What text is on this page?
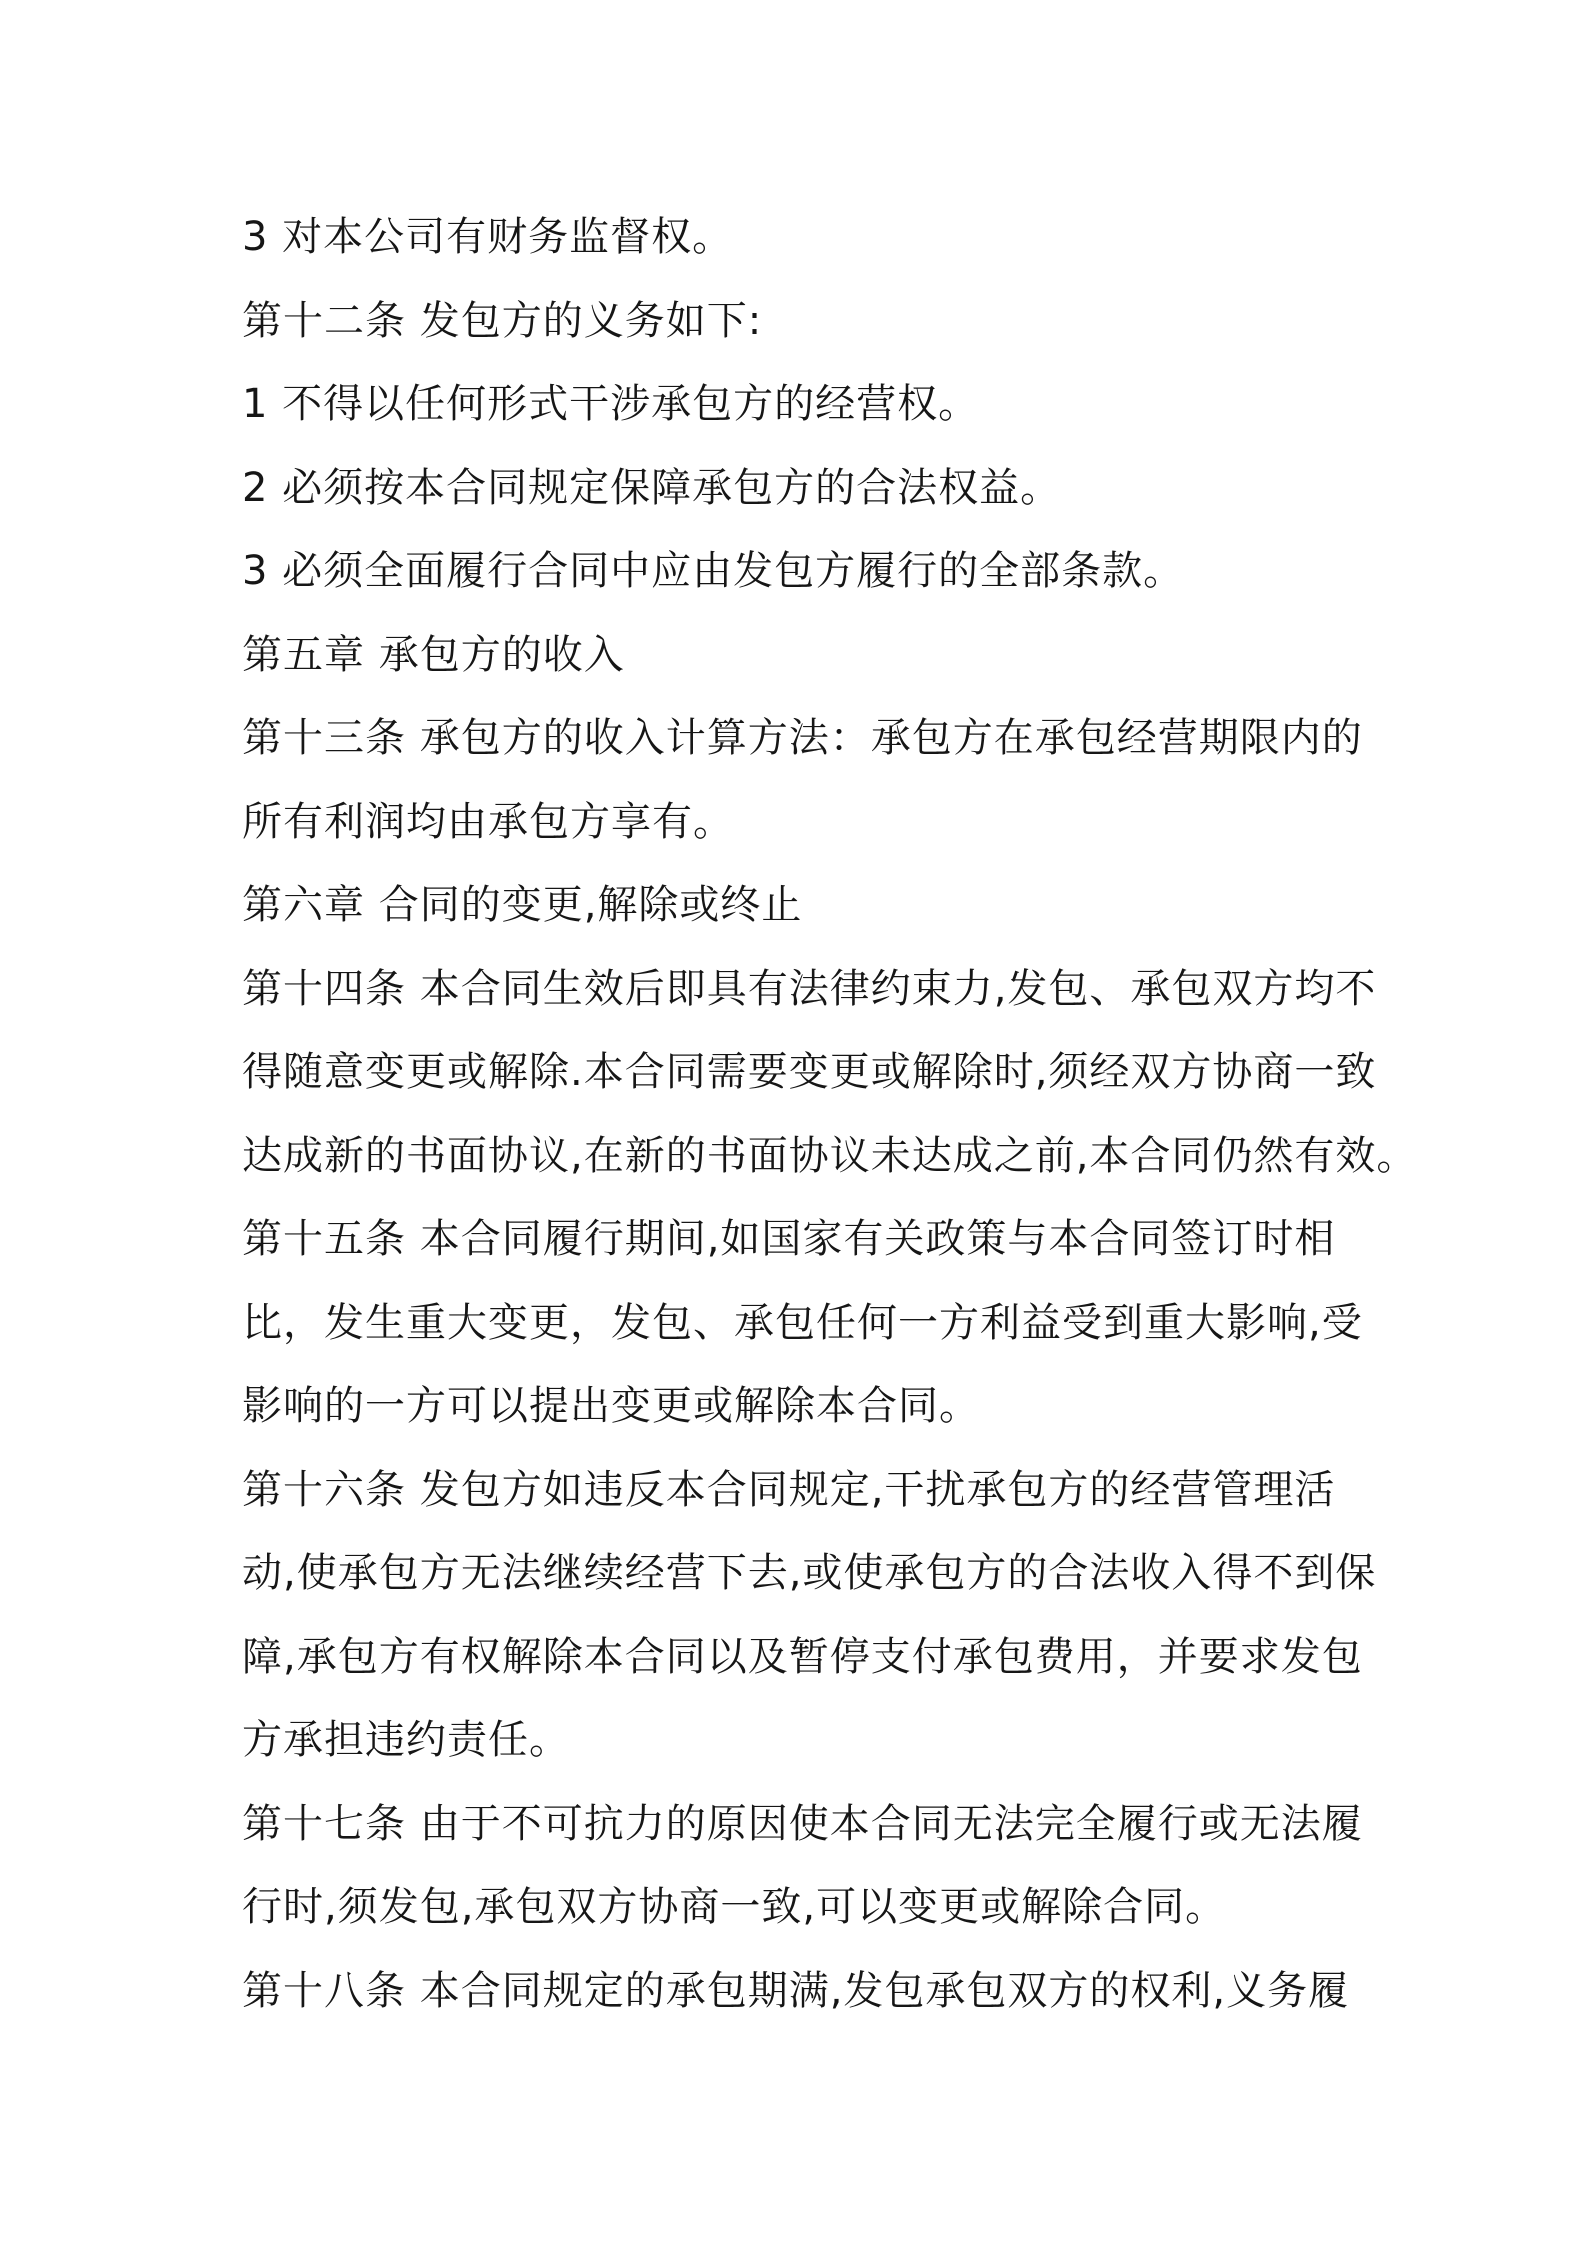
3 对本公司有财务监督权。
第十二条 发包方的义务如下:
1 不得以任何形式干涉承包方的经营权。
2 必须按本合同规定保障承包方的合法权益。
3 必须全面履行合同中应由发包方履行的全部条款。
第五章 承包方的收入
第十三条 承包方的收入计算方法：承包方在承包经营期限内的
所有利润均由承包方享有。
第六章 合同的变更,解除或终止
第十四条 本合同生效后即具有法律约束力,发包、承包双方均不
得随意变更或解除.本合同需要变更或解除时,须经双方协商一致
达成新的书面协议,在新的书面协议未达成之前,本合同仍然有效。
第十五条 本合同履行期间,如国家有关政策与本合同签订时相
比，发生重大变更，发包、承包任何一方利益受到重大影响,受
影响的一方可以提出变更或解除本合同。
第十六条 发包方如违反本合同规定,干扰承包方的经营管理活
动,使承包方无法继续经营下去,或使承包方的合法收入得不到保
障,承包方有权解除本合同以及暂停支付承包费用，并要求发包
方承担违约责任。
第十七条 由于不可抗力的原因使本合同无法完全履行或无法履
行时,须发包,承包双方协商一致,可以变更或解除合同。
第十八条 本合同规定的承包期满,发包承包双方的权利,义务履
